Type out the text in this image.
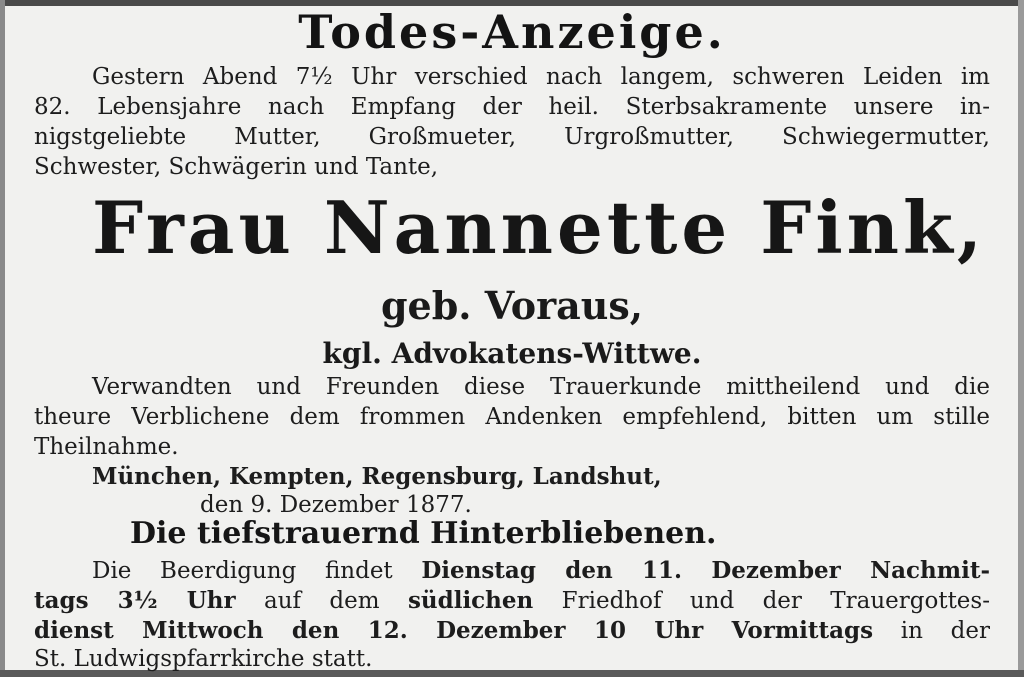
Todes-Anzeige.
Gestern Abend 7½ Uhr verschied nach langem, schweren Leiden im
82. Lebensjahre nach Empfang der heil. Sterbsakramente unsere in-
nigstgeliebte Mutter, Großmueter, Urgroßmutter, Schwiegermutter,
Schwester, Schwägerin und Tante,
Frau Nannette Fink,
geb. Voraus,
kgl. Advokatens-Wittwe.
Verwandten und Freunden diese Trauerkunde mittheilend und die
theure Verblichene dem frommen Andenken empfehlend, bitten um stille
Theilnahme.
München, Kempten, Regensburg, Landshut,
den 9. Dezember 1877.
Die tiefstrauernd Hinterbliebenen.
Die Beerdigung findet Dienstag den 11. Dezember Nachmit-
tags 3½ Uhr auf dem südlichen Friedhof und der Trauergottes-
dienst Mittwoch den 12. Dezember 10 Uhr Vormittags in der
St. Ludwigspfarrkirche statt.
